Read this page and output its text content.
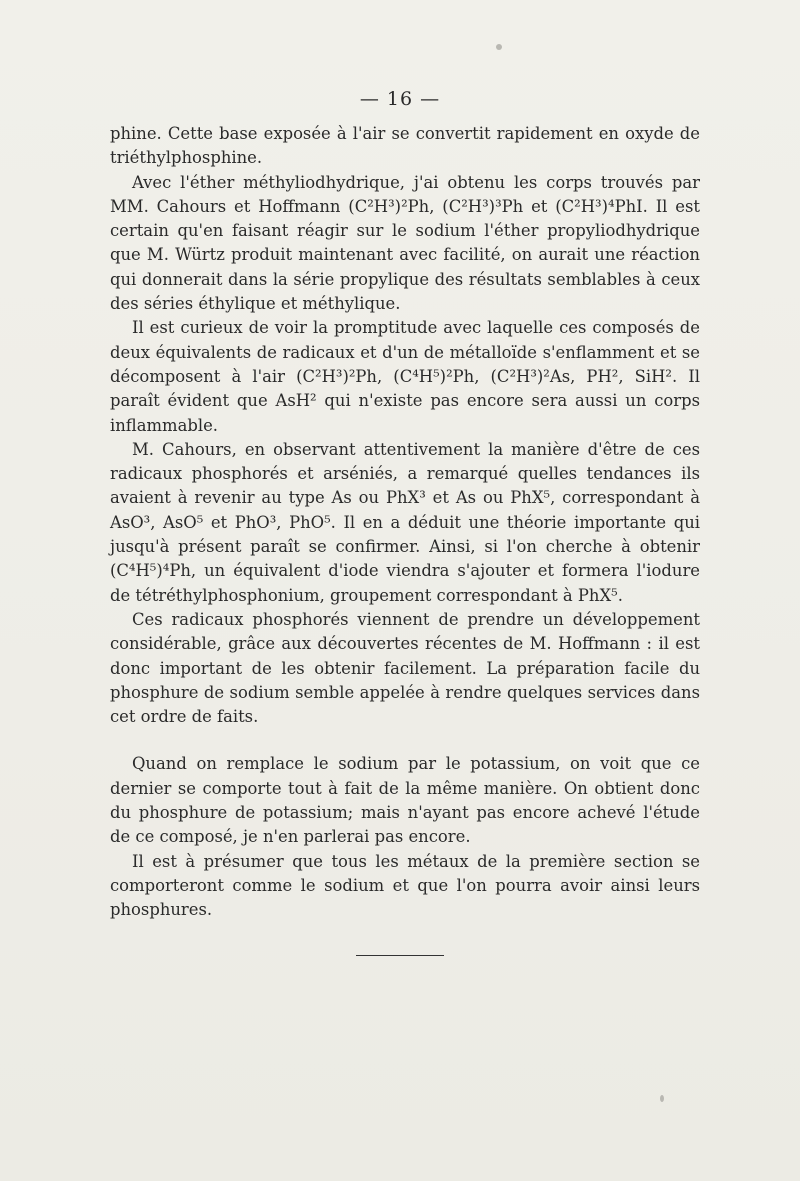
— 16 —

phine. Cette base exposée à l'air se convertit rapidement en oxyde de triéthylphosphine.

Avec l'éther méthyliodhydrique, j'ai obtenu les corps trouvés par MM. Cahours et Hoffmann (C²H³)²Ph, (C²H³)³Ph et (C²H³)⁴PhI. Il est certain qu'en faisant réagir sur le sodium l'éther propyliodhydrique que M. Würtz produit maintenant avec facilité, on aurait une réaction qui donnerait dans la série propylique des résultats semblables à ceux des séries éthylique et méthylique.

Il est curieux de voir la promptitude avec laquelle ces composés de deux équivalents de radicaux et d'un de métalloïde s'enflamment et se décomposent à l'air (C²H³)²Ph, (C⁴H⁵)²Ph, (C²H³)²As, PH², SiH². Il paraît évident que AsH² qui n'existe pas encore sera aussi un corps inflammable.

M. Cahours, en observant attentivement la manière d'être de ces radicaux phosphorés et arséniés, a remarqué quelles tendances ils avaient à revenir au type As ou PhX³ et As ou PhX⁵, correspondant à AsO³, AsO⁵ et PhO³, PhO⁵. Il en a déduit une théorie importante qui jusqu'à présent paraît se confirmer. Ainsi, si l'on cherche à obtenir (C⁴H⁵)⁴Ph, un équivalent d'iode viendra s'ajouter et formera l'iodure de tétréthylphosphonium, groupement correspondant à PhX⁵.

Ces radicaux phosphorés viennent de prendre un développement considérable, grâce aux découvertes récentes de M. Hoffmann : il est donc important de les obtenir facilement. La préparation facile du phosphure de sodium semble appelée à rendre quelques services dans cet ordre de faits.

Quand on remplace le sodium par le potassium, on voit que ce dernier se comporte tout à fait de la même manière. On obtient donc du phosphure de potassium; mais n'ayant pas encore achevé l'étude de ce composé, je n'en parlerai pas encore.

Il est à présumer que tous les métaux de la première section se comporteront comme le sodium et que l'on pourra avoir ainsi leurs phosphures.
